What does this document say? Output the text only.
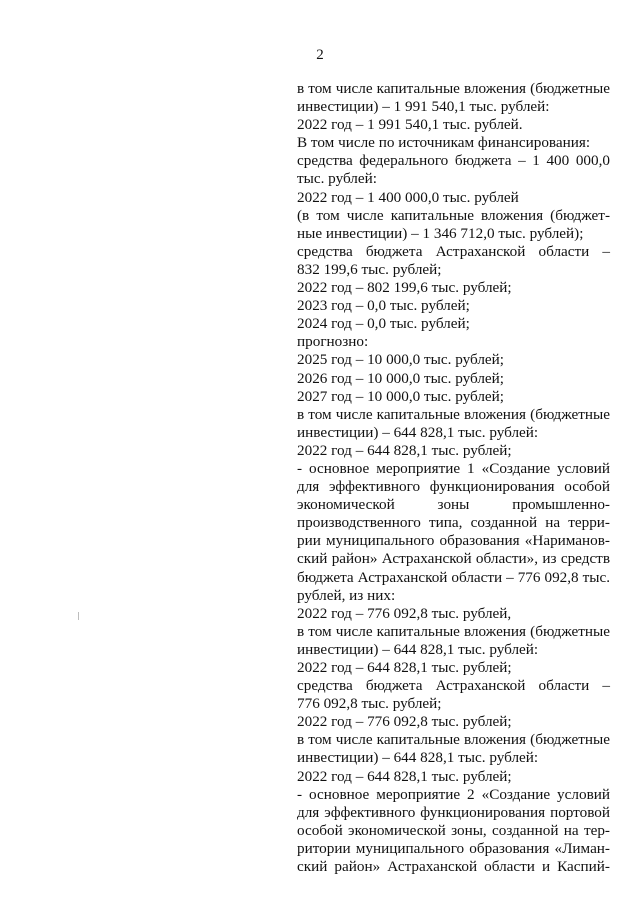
2
в том числе капитальные вложения (бюджетные
инвестиции) – 1 991 540,1 тыс. рублей:
2022 год – 1 991 540,1 тыс. рублей.
В том числе по источникам финансирования:
средства федерального бюджета – 1 400 000,0
тыс. рублей:
2022 год – 1 400 000,0 тыс. рублей
(в том числе капитальные вложения (бюджет-
ные инвестиции) – 1 346 712,0 тыс. рублей);
средства бюджета Астраханской области –
832 199,6 тыс. рублей;
2022 год – 802 199,6 тыс. рублей;
2023 год – 0,0 тыс. рублей;
2024 год – 0,0 тыс. рублей;
прогнозно:
2025 год – 10 000,0 тыс. рублей;
2026 год – 10 000,0 тыс. рублей;
2027 год – 10 000,0 тыс. рублей;
в том числе капитальные вложения (бюджетные
инвестиции) – 644 828,1 тыс. рублей:
2022 год – 644 828,1 тыс. рублей;
- основное мероприятие 1 «Создание условий
для эффективного функционирования особой
экономической зоны промышленно-
производственного типа, созданной на терри-
рии муниципального образования «Нариманов-
ский район» Астраханской области», из средств
бюджета Астраханской области – 776 092,8 тыс.
рублей, из них:
2022 год – 776 092,8 тыс. рублей,
в том числе капитальные вложения (бюджетные
инвестиции) – 644 828,1 тыс. рублей:
2022 год – 644 828,1 тыс. рублей;
средства бюджета Астраханской области –
776 092,8 тыс. рублей;
2022 год – 776 092,8 тыс. рублей;
в том числе капитальные вложения (бюджетные
инвестиции) – 644 828,1 тыс. рублей:
2022 год – 644 828,1 тыс. рублей;
- основное мероприятие 2 «Создание условий
для эффективного функционирования портовой
особой экономической зоны, созданной на тер-
ритории муниципального образования «Лиман-
ский район» Астраханской области и Каспий-
